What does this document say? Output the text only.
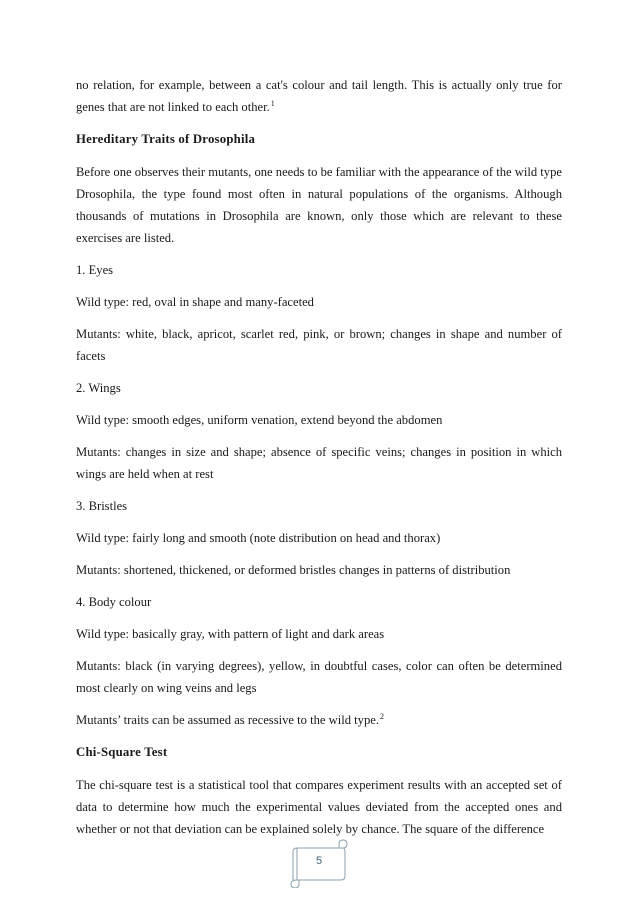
no relation, for example, between a cat's colour and tail length. This is actually only true for genes that are not linked to each other.$^1$

Hereditary Traits of Drosophila

Before one observes their mutants, one needs to be familiar with the appearance of the wild type Drosophila, the type found most often in natural populations of the organisms. Although thousands of mutations in Drosophila are known, only those which are relevant to these exercises are listed.

1. Eyes

Wild type: red, oval in shape and many-faceted

Mutants: white, black, apricot, scarlet red, pink, or brown; changes in shape and number of facets

2. Wings

Wild type: smooth edges, uniform venation, extend beyond the abdomen

Mutants: changes in size and shape; absence of specific veins; changes in position in which wings are held when at rest

3. Bristles

Wild type: fairly long and smooth (note distribution on head and thorax)

Mutants: shortened, thickened, or deformed bristles changes in patterns of distribution

4. Body colour

Wild type: basically gray, with pattern of light and dark areas

Mutants: black (in varying degrees), yellow, in doubtful cases, color can often be determined most clearly on wing veins and legs

Mutants’ traits can be assumed as recessive to the wild type.$^2$

Chi-Square Test

The chi-square test is a statistical tool that compares experiment results with an accepted set of data to determine how much the experimental values deviated from the accepted ones and whether or not that deviation can be explained solely by chance. The square of the difference

5
